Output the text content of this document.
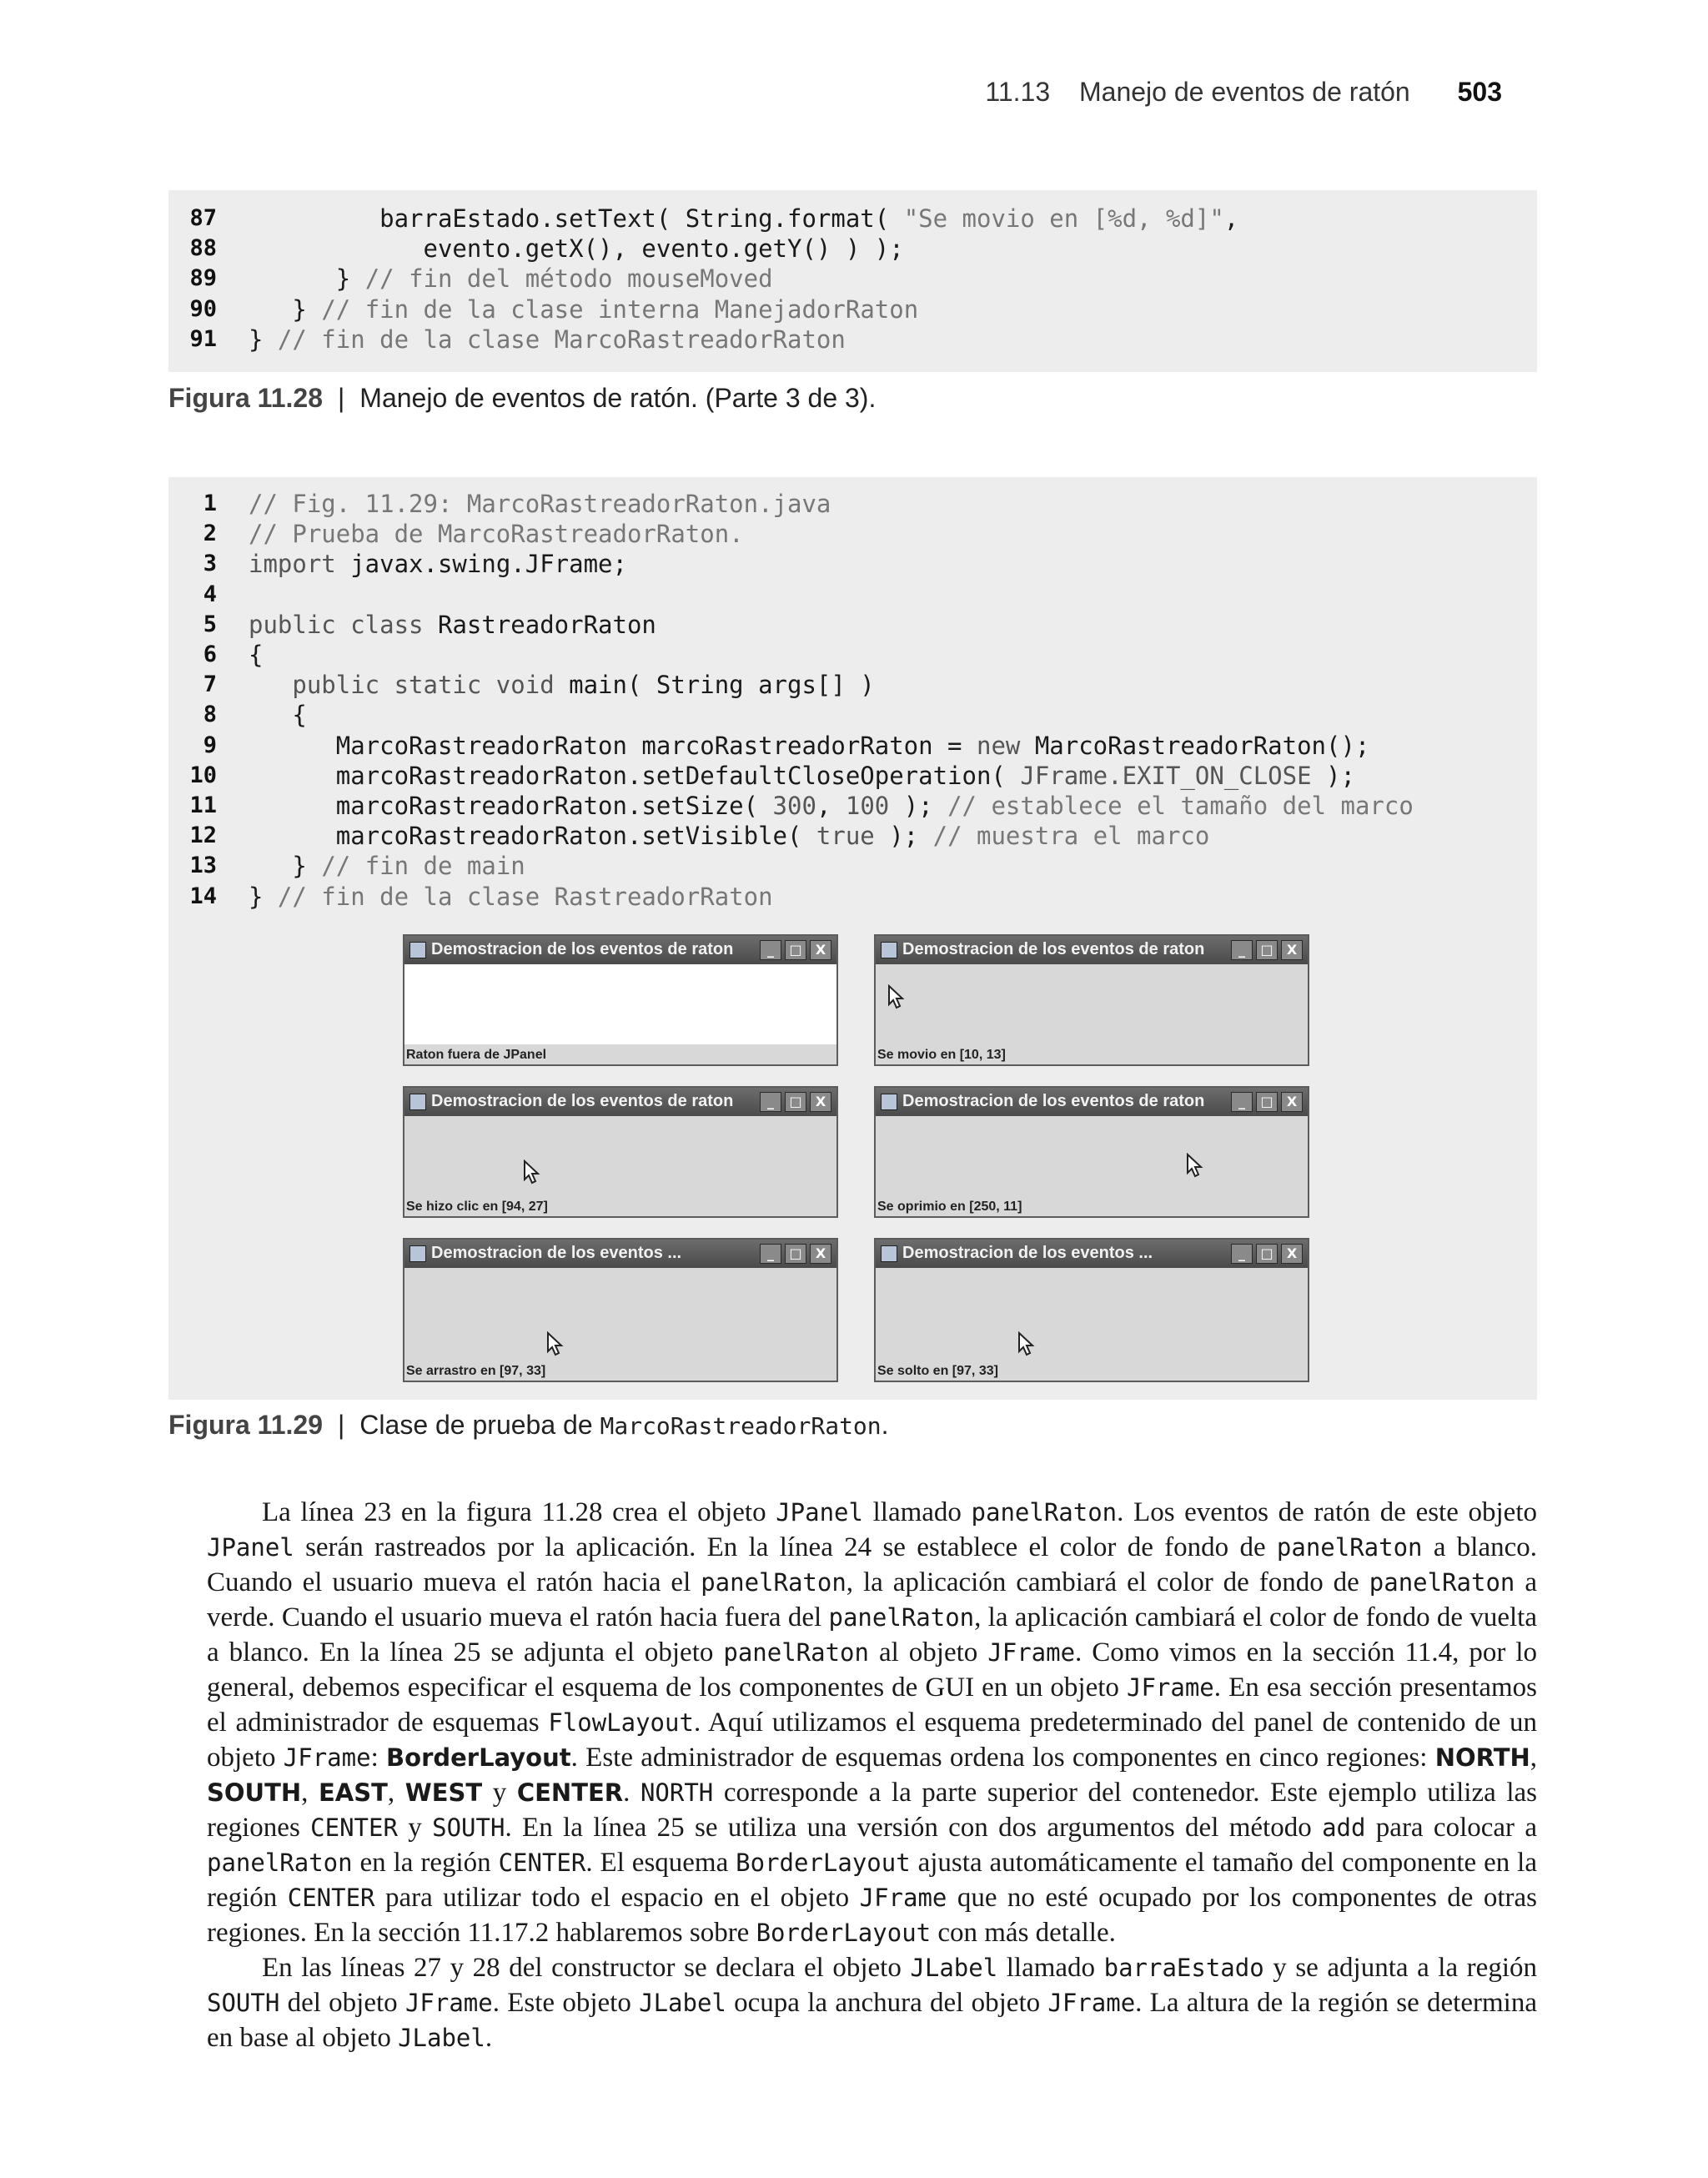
11.13 Manejo de eventos de ratón 503
87 barraEstado.setText( String.format( "Se movio en [%d, %d]",
88 evento.getX(), evento.getY() ) );
89 } // fin del método mouseMoved
90 } // fin de la clase interna ManejadorRaton
91 } // fin de la clase MarcoRastreadorRaton
Figura 11.28 | Manejo de eventos de ratón. (Parte 3 de 3).
1 // Fig. 11.29: MarcoRastreadorRaton.java
2 // Prueba de MarcoRastreadorRaton.
3 import javax.swing.JFrame;
4
5 public class RastreadorRaton
6 {
7 public static void main( String args[] )
8 {
9 MarcoRastreadorRaton marcoRastreadorRaton = new MarcoRastreadorRaton();
10 marcoRastreadorRaton.setDefaultCloseOperation( JFrame.EXIT_ON_CLOSE );
11 marcoRastreadorRaton.setSize( 300, 100 ); // establece el tamaño del marco
12 marcoRastreadorRaton.setVisible( true ); // muestra el marco
13 } // fin de main
14 } // fin de la clase RastreadorRaton
Demostracion de los eventos de raton	_ □ X
Raton fuera de JPanel
Demostracion de los eventos de raton	_ □ X
Se movio en [10, 13]
Demostracion de los eventos de raton	_ □ X
Se hizo clic en [94, 27]
Demostracion de los eventos de raton	_ □ X
Se oprimio en [250, 11]
Demostracion de los eventos ...	_ □ X
Se arrastro en [97, 33]
Demostracion de los eventos ...	_ □ X
Se solto en [97, 33]
Figura 11.29 | Clase de prueba de MarcoRastreadorRaton.

La línea 23 en la figura 11.28 crea el objeto JPanel llamado panelRaton. Los eventos de ratón de este objeto JPanel serán rastreados por la aplicación. En la línea 24 se establece el color de fondo de panelRaton a blanco. Cuando el usuario mueva el ratón hacia el panelRaton, la aplicación cambiará el color de fondo de panelRaton a verde. Cuando el usuario mueva el ratón hacia fuera del panelRaton, la aplicación cambiará el color de fondo de vuelta a blanco. En la línea 25 se adjunta el objeto panelRaton al objeto JFrame. Como vimos en la sección 11.4, por lo general, debemos especificar el esquema de los componentes de GUI en un objeto JFrame. En esa sección presentamos el administrador de esquemas FlowLayout. Aquí utilizamos el esquema predeterminado del panel de contenido de un objeto JFrame: BorderLayout. Este administrador de esquemas ordena los componentes en cinco regiones: NORTH, SOUTH, EAST, WEST y CENTER. NORTH corresponde a la parte superior del contenedor. Este ejemplo utiliza las regiones CENTER y SOUTH. En la línea 25 se utiliza una versión con dos argumentos del método add para colocar a panelRaton en la región CENTER. El esquema BorderLayout ajusta automáticamente el tamaño del componente en la región CENTER para utilizar todo el espacio en el objeto JFrame que no esté ocupado por los componentes de otras regiones. En la sección 11.17.2 hablaremos sobre BorderLayout con más detalle.

En las líneas 27 y 28 del constructor se declara el objeto JLabel llamado barraEstado y se adjunta a la región SOUTH del objeto JFrame. Este objeto JLabel ocupa la anchura del objeto JFrame. La altura de la región se determina en base al objeto JLabel.
